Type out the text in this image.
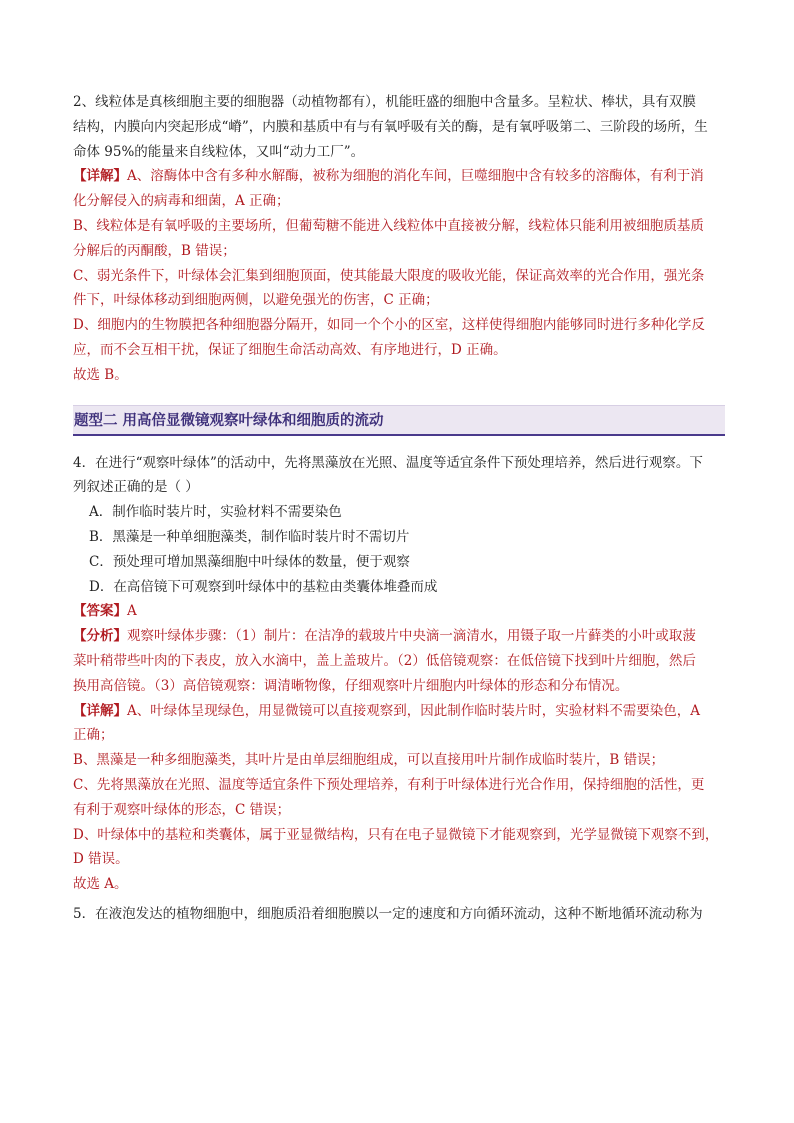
2、线粒体是真核细胞主要的细胞器（动植物都有），机能旺盛的细胞中含量多。呈粒状、棒状，具有双膜
结构，内膜向内突起形成“嵴”，内膜和基质中有与有氧呼吸有关的酶，是有氧呼吸第二、三阶段的场所，生
命体 95%的能量来自线粒体，又叫“动力工厂”。
【详解】A、溶酶体中含有多种水解酶，被称为细胞的消化车间，巨噬细胞中含有较多的溶酶体，有利于消
化分解侵入的病毒和细菌，A 正确；
B、线粒体是有氧呼吸的主要场所，但葡萄糖不能进入线粒体中直接被分解，线粒体只能利用被细胞质基质
分解后的丙酮酸，B 错误；
C、弱光条件下，叶绿体会汇集到细胞顶面，使其能最大限度的吸收光能，保证高效率的光合作用，强光条
件下，叶绿体移动到细胞两侧，以避免强光的伤害，C 正确；
D、细胞内的生物膜把各种细胞器分隔开，如同一个个小的区室，这样使得细胞内能够同时进行多种化学反
应，而不会互相干扰，保证了细胞生命活动高效、有序地进行，D 正确。
故选 B。
题型二 用高倍显微镜观察叶绿体和细胞质的流动
4．在进行“观察叶绿体”的活动中，先将黑藻放在光照、温度等适宜条件下预处理培养，然后进行观察。下
列叙述正确的是（ ）
A．制作临时装片时，实验材料不需要染色
B．黑藻是一种单细胞藻类，制作临时装片时不需切片
C．预处理可增加黑藻细胞中叶绿体的数量，便于观察
D．在高倍镜下可观察到叶绿体中的基粒由类囊体堆叠而成
【答案】A
【分析】观察叶绿体步骤：（1）制片：在洁净的载玻片中央滴一滴清水，用镊子取一片藓类的小叶或取菠
菜叶稍带些叶肉的下表皮，放入水滴中，盖上盖玻片。（2）低倍镜观察：在低倍镜下找到叶片细胞，然后
换用高倍镜。（3）高倍镜观察：调清晰物像，仔细观察叶片细胞内叶绿体的形态和分布情况。
【详解】A、叶绿体呈现绿色，用显微镜可以直接观察到，因此制作临时装片时，实验材料不需要染色，A
正确；
B、黑藻是一种多细胞藻类，其叶片是由单层细胞组成，可以直接用叶片制作成临时装片，B 错误；
C、先将黑藻放在光照、温度等适宜条件下预处理培养，有利于叶绿体进行光合作用，保持细胞的活性，更
有利于观察叶绿体的形态，C 错误；
D、叶绿体中的基粒和类囊体，属于亚显微结构，只有在电子显微镜下才能观察到，光学显微镜下观察不到，
D 错误。
故选 A。
5．在液泡发达的植物细胞中，细胞质沿着细胞膜以一定的速度和方向循环流动，这种不断地循环流动称为
